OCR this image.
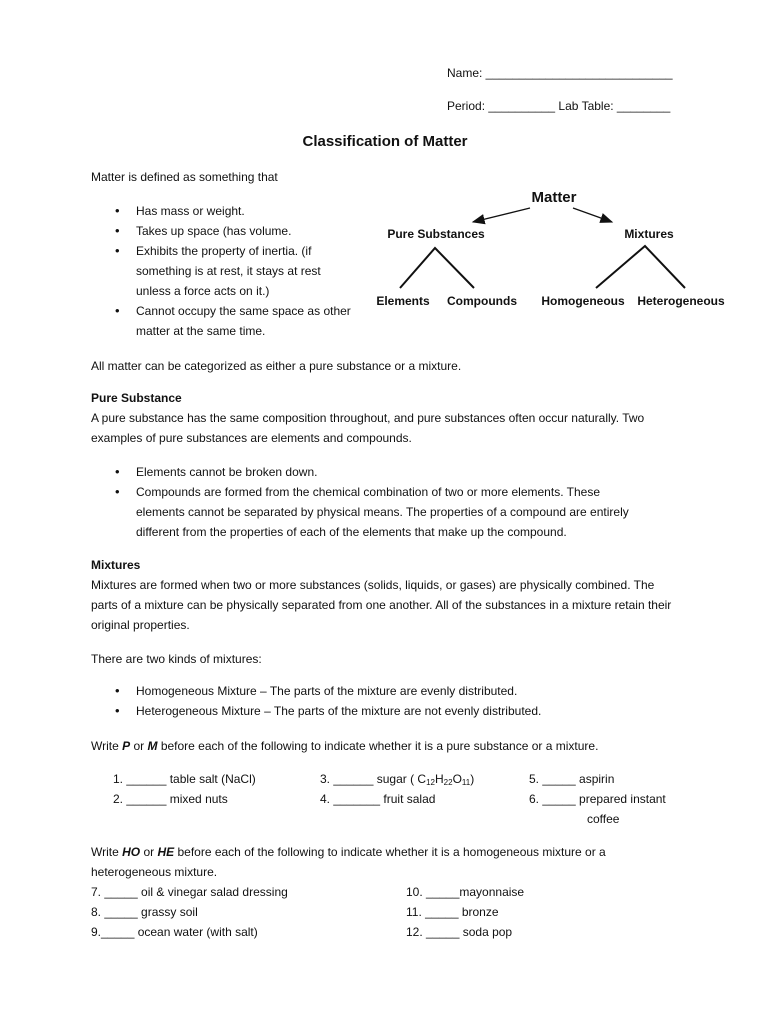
Name: ____________________________
Period: __________ Lab Table: ________
Classification of Matter
Matter is defined as something that
• Has mass or weight.
• Takes up space (has volume.
• Exhibits the property of inertia. (if something is at rest, it stays at rest unless a force acts on it.)
• Cannot occupy the same space as other matter at the same time.
Matter
Pure Substances	Mixtures
Elements Compounds Homogeneous Heterogeneous
All matter can be categorized as either a pure substance or a mixture.
Pure Substance
A pure substance has the same composition throughout, and pure substances often occur naturally. Two examples of pure substances are elements and compounds.
• Elements cannot be broken down.
• Compounds are formed from the chemical combination of two or more elements. These elements cannot be separated by physical means. The properties of a compound are entirely different from the properties of each of the elements that make up the compound.
Mixtures
Mixtures are formed when two or more substances (solids, liquids, or gases) are physically combined. The parts of a mixture can be physically separated from one another. All of the substances in a mixture retain their original properties.
There are two kinds of mixtures:
• Homogeneous Mixture – The parts of the mixture are evenly distributed.
• Heterogeneous Mixture – The parts of the mixture are not evenly distributed.
Write P or M before each of the following to indicate whether it is a pure substance or a mixture.
1. ______ table salt (NaCl)
2. ______ mixed nuts
3. ______ sugar ( $C_{12}H_{22}O_{11}$)
4. _______ fruit salad
5. _____ aspirin
6. _____ prepared instant
coffee
Write HO or HE before each of the following to indicate whether it is a homogeneous mixture or a heterogeneous mixture.
7. _____ oil & vinegar salad dressing
8. _____ grassy soil
9._____ ocean water (with salt)
10. _____mayonnaise
11. _____ bronze
12. _____ soda pop
